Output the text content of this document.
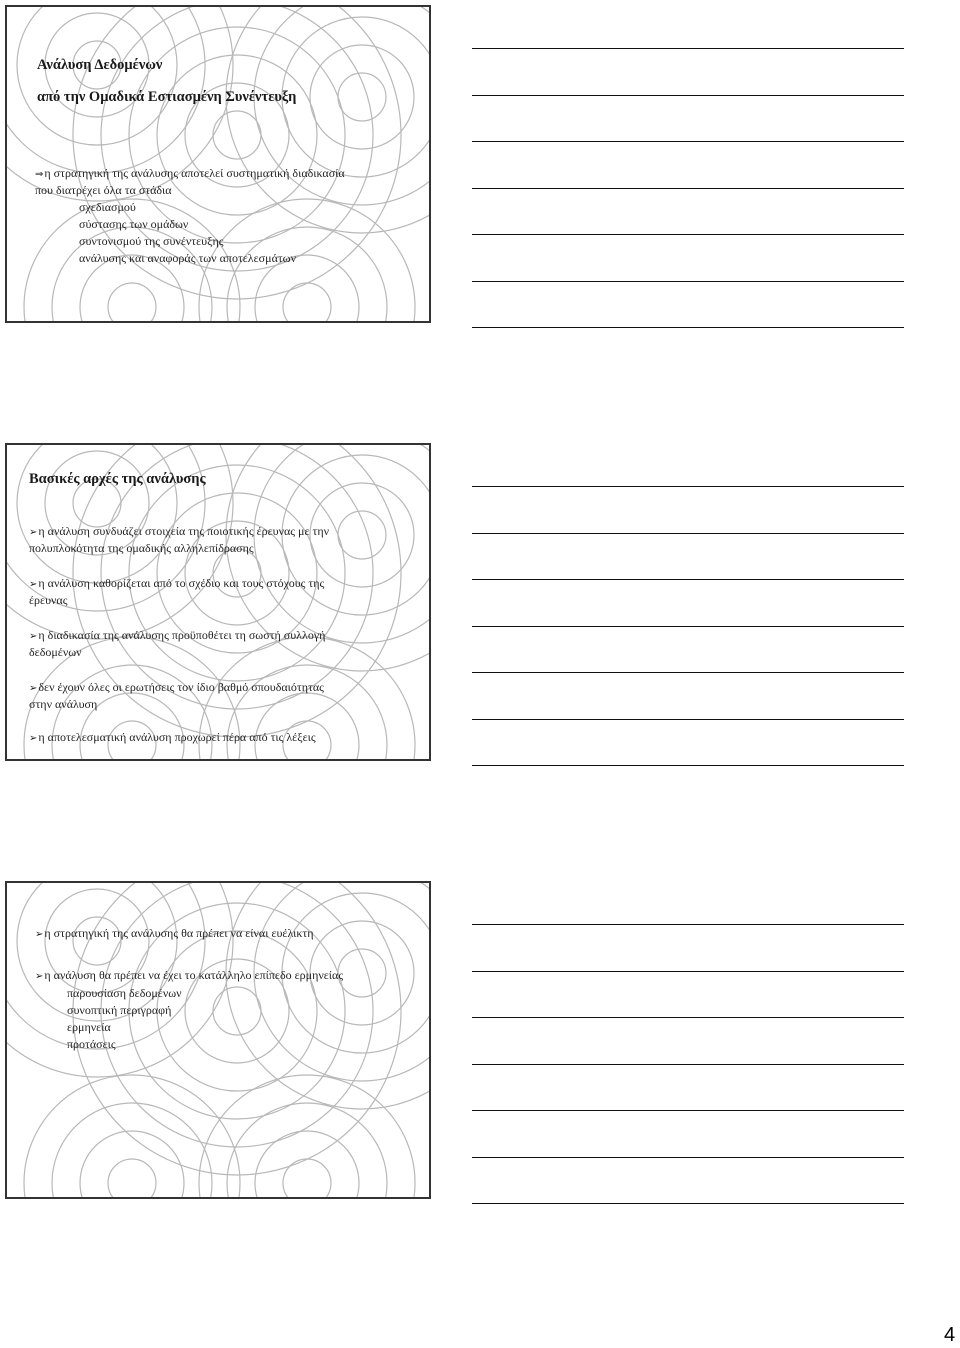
Ανάλυση Δεδομένων
από την Ομαδικά Εστιασμένη Συνέντευξη
⇒η στρατηγική της ανάλυσης αποτελεί συστηματική διαδικασία
που διατρέχει όλα τα στάδια
σχεδιασμού
σύστασης των ομάδων
συντονισμού της συνέντευξης
ανάλυσης και αναφοράς των αποτελεσμάτων
Βασικές αρχές της ανάλυσης
➢η ανάλυση συνδυάζει στοιχεία της ποιοτικής έρευνας με την
πολυπλοκότητα της ομαδικής αλληλεπίδρασης
➢η ανάλυση καθορίζεται από το σχέδιο και τους στόχους της
έρευνας
➢η διαδικασία της ανάλυσης προϋποθέτει τη σωστή συλλογή
δεδομένων
➢δεν έχουν όλες οι ερωτήσεις τον ίδιο βαθμό σπουδαιότητας
στην ανάλυση
➢η αποτελεσματική ανάλυση προχωρεί πέρα από τις λέξεις
➢η στρατηγική της ανάλυσης θα πρέπει να είναι ευέλικτη
➢η ανάλυση θα πρέπει να έχει το κατάλληλο επίπεδο ερμηνείας
παρουσίαση δεδομένων
συνοπτική περιγραφή
ερμηνεία
προτάσεις
4
